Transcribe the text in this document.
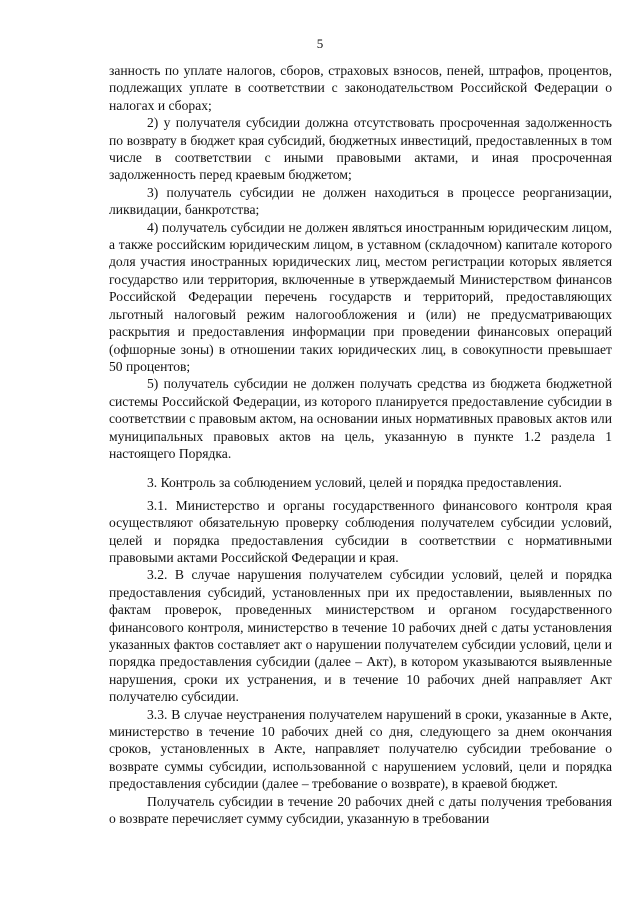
5

занность по уплате налогов, сборов, страховых взносов, пеней, штрафов, процентов, подлежащих уплате в соответствии с законодательством Российской Федерации о налогах и сборах;

2) у получателя субсидии должна отсутствовать просроченная задолженность по возврату в бюджет края субсидий, бюджетных инвестиций, предоставленных в том числе в соответствии с иными правовыми актами, и иная просроченная задолженность перед краевым бюджетом;

3) получатель субсидии не должен находиться в процессе реорганизации, ликвидации, банкротства;

4) получатель субсидии не должен являться иностранным юридическим лицом, а также российским юридическим лицом, в уставном (складочном) капитале которого доля участия иностранных юридических лиц, местом регистрации которых является государство или территория, включенные в утверждаемый Министерством финансов Российской Федерации перечень государств и территорий, предоставляющих льготный налоговый режим налогообложения и (или) не предусматривающих раскрытия и предоставления информации при проведении финансовых операций (офшорные зоны) в отношении таких юридических лиц, в совокупности превышает 50 процентов;

5) получатель субсидии не должен получать средства из бюджета бюджетной системы Российской Федерации, из которого планируется предоставление субсидии в соответствии с правовым актом, на основании иных нормативных правовых актов или муниципальных правовых актов на цель, указанную в пункте 1.2 раздела 1 настоящего Порядка.

3. Контроль за соблюдением условий, целей и порядка предоставления.

3.1. Министерство и органы государственного финансового контроля края осуществляют обязательную проверку соблюдения получателем субсидии условий, целей и порядка предоставления субсидии в соответствии с нормативными правовыми актами Российской Федерации и края.

3.2. В случае нарушения получателем субсидии условий, целей и порядка предоставления субсидий, установленных при их предоставлении, выявленных по фактам проверок, проведенных министерством и органом государственного финансового контроля, министерство в течение 10 рабочих дней с даты установления указанных фактов составляет акт о нарушении получателем субсидии условий, цели и порядка предоставления субсидии (далее – Акт), в котором указываются выявленные нарушения, сроки их устранения, и в течение 10 рабочих дней направляет Акт получателю субсидии.

3.3. В случае неустранения получателем нарушений в сроки, указанные в Акте, министерство в течение 10 рабочих дней со дня, следующего за днем окончания сроков, установленных в Акте, направляет получателю субсидии требование о возврате суммы субсидии, использованной с нарушением условий, цели и порядка предоставления субсидии (далее – требование о возврате), в краевой бюджет.

Получатель субсидии в течение 20 рабочих дней с даты получения требования о возврате перечисляет сумму субсидии, указанную в требовании
